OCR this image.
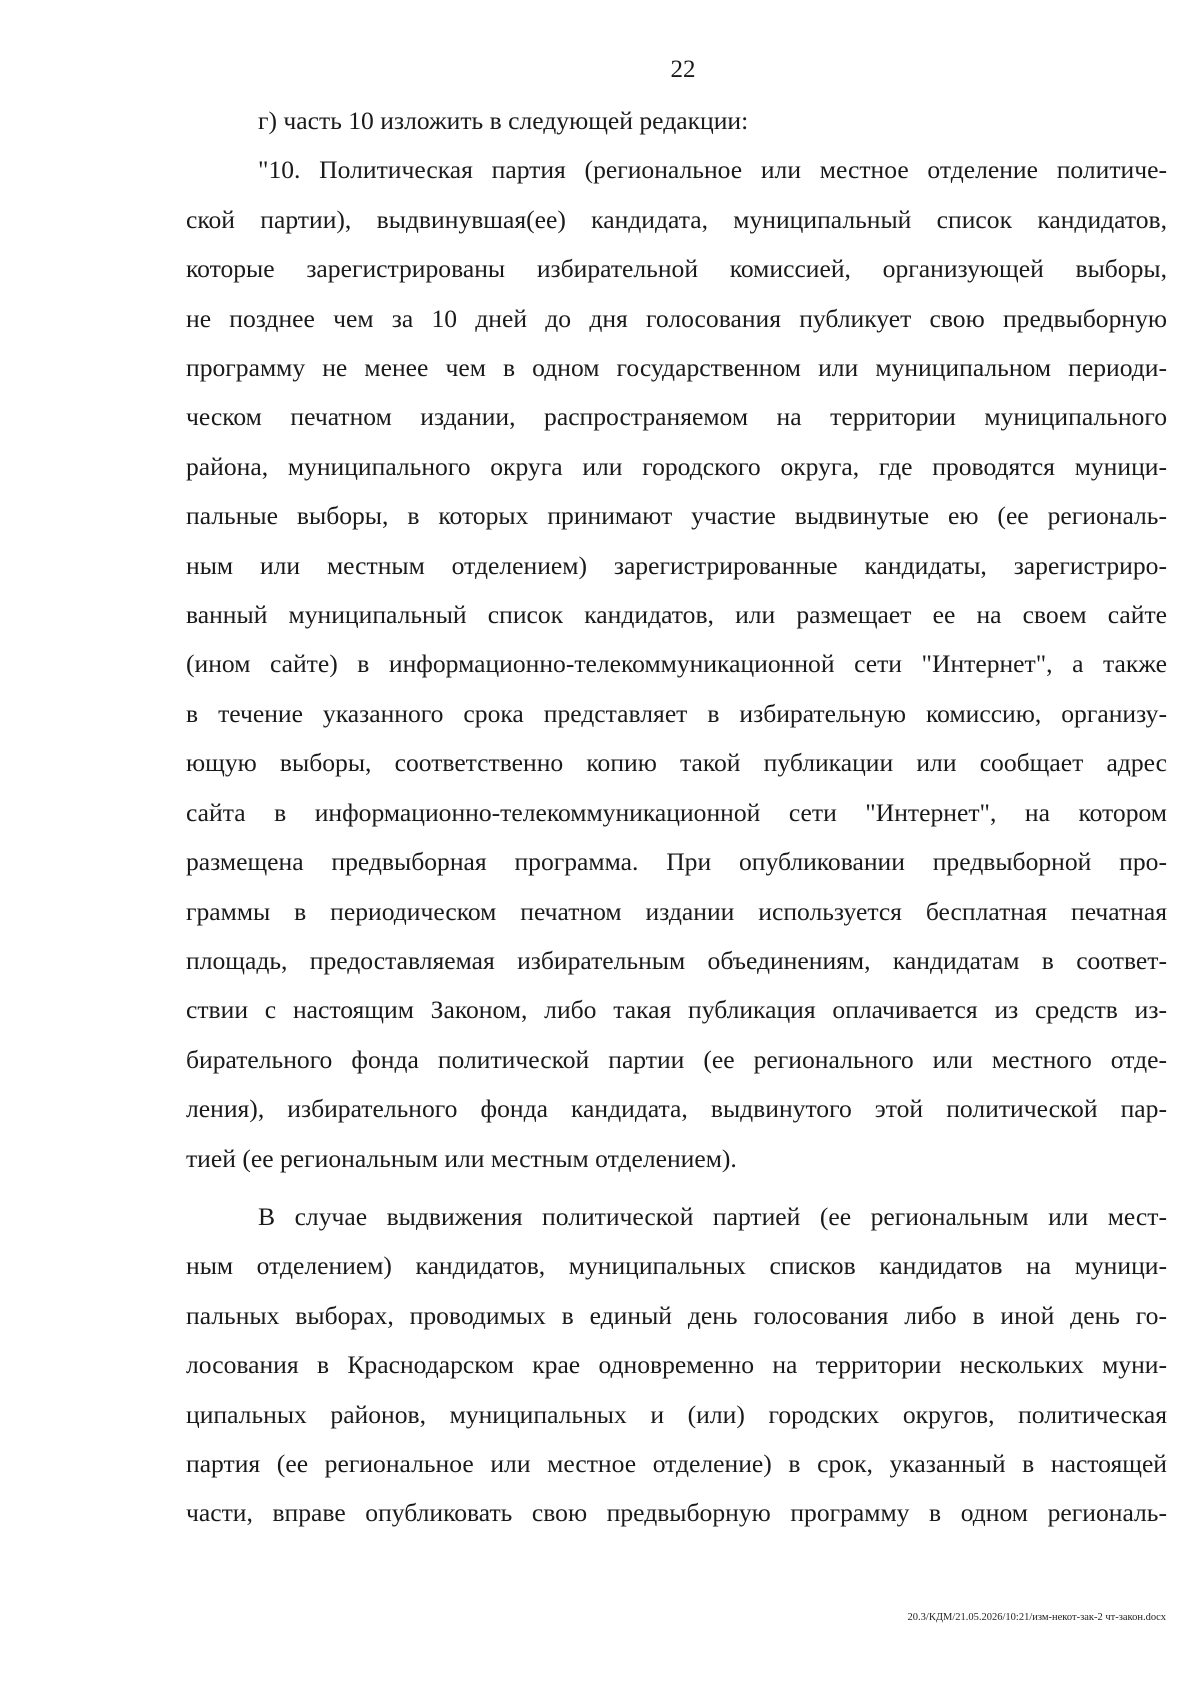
22
г) часть 10 изложить в следующей редакции:
"10. Политическая партия (региональное или местное отделение политиче-
ской партии), выдвинувшая(ее) кандидата, муниципальный список кандидатов,
которые зарегистрированы избирательной комиссией, организующей выборы,
не позднее чем за 10 дней до дня голосования публикует свою предвыборную
программу не менее чем в одном государственном или муниципальном периоди-
ческом печатном издании, распространяемом на территории муниципального
района, муниципального округа или городского округа, где проводятся муници-
пальные выборы, в которых принимают участие выдвинутые ею (ее региональ-
ным или местным отделением) зарегистрированные кандидаты, зарегистриро-
ванный муниципальный список кандидатов, или размещает ее на своем сайте
(ином сайте) в информационно-телекоммуникационной сети "Интернет", а также
в течение указанного срока представляет в избирательную комиссию, организу-
ющую выборы, соответственно копию такой публикации или сообщает адрес
сайта в информационно-телекоммуникационной сети "Интернет", на котором
размещена предвыборная программа. При опубликовании предвыборной про-
граммы в периодическом печатном издании используется бесплатная печатная
площадь, предоставляемая избирательным объединениям, кандидатам в соответ-
ствии с настоящим Законом, либо такая публикация оплачивается из средств из-
бирательного фонда политической партии (ее регионального или местного отде-
ления), избирательного фонда кандидата, выдвинутого этой политической пар-
тией (ее региональным или местным отделением).
В случае выдвижения политической партией (ее региональным или мест-
ным отделением) кандидатов, муниципальных списков кандидатов на муници-
пальных выборах, проводимых в единый день голосования либо в иной день го-
лосования в Краснодарском крае одновременно на территории нескольких муни-
ципальных районов, муниципальных и (или) городских округов, политическая
партия (ее региональное или местное отделение) в срок, указанный в настоящей
части, вправе опубликовать свою предвыборную программу в одном региональ-
20.3/КДМ/21.05.2026/10:21/изм-некот-зак-2 чт-закон.docx
